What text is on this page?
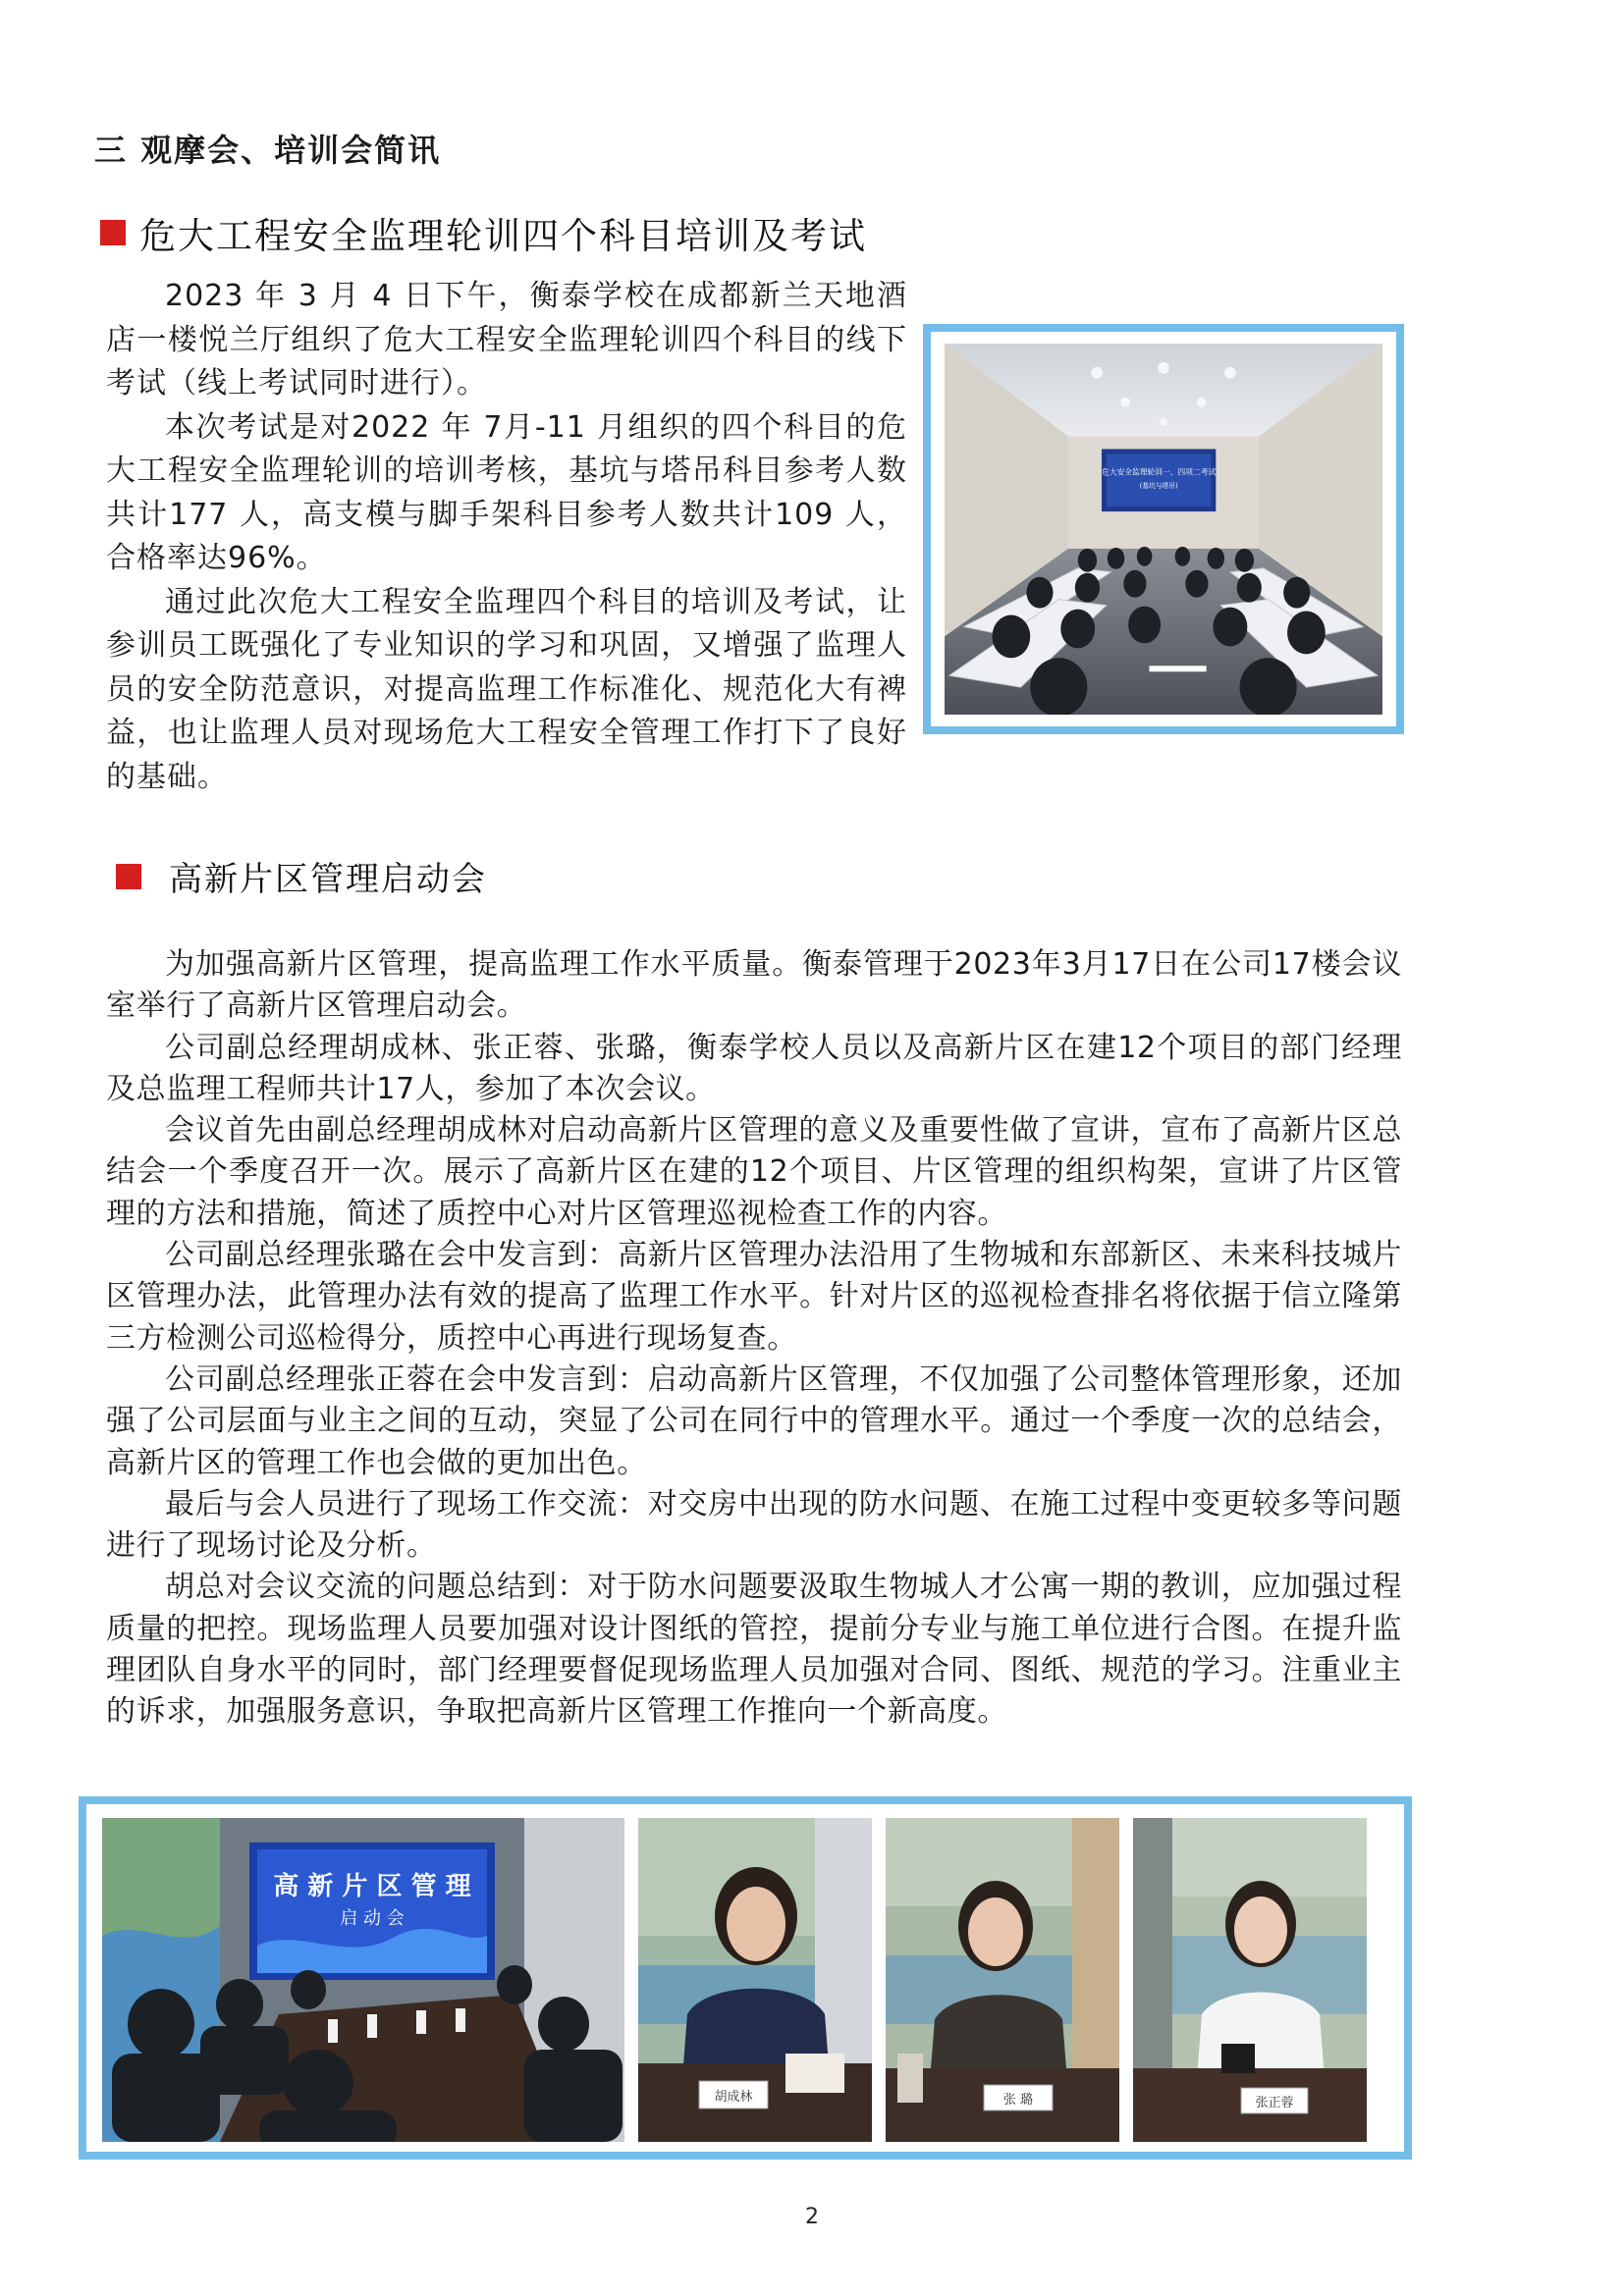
三 观摩会、培训会简讯
危大工程安全监理轮训四个科目培训及考试

2023 年 3 月 4 日下午，衡泰学校在成都新兰天地酒店一楼悦兰厅组织了危大工程安全监理轮训四个科目的线下考试（线上考试同时进行）。

本次考试是对2022 年 7月-11 月组织的四个科目的危大工程安全监理轮训的培训考核，基坑与塔吊科目参考人数共计177 人，高支模与脚手架科目参考人数共计109 人，合格率达96%。

通过此次危大工程安全监理四个科目的培训及考试，让参训员工既强化了专业知识的学习和巩固，又增强了监理人员的安全防范意识，对提高监理工作标准化、规范化大有裨益，也让监理人员对现场危大工程安全管理工作打下了良好的基础。

危大安全监理轮训一、四项二考试
(基坑与塔吊)
高新片区管理启动会

为加强高新片区管理，提高监理工作水平质量。衡泰管理于2023年3月17日在公司17楼会议室举行了高新片区管理启动会。

公司副总经理胡成林、张正蓉、张璐，衡泰学校人员以及高新片区在建12个项目的部门经理及总监理工程师共计17人，参加了本次会议。

会议首先由副总经理胡成林对启动高新片区管理的意义及重要性做了宣讲，宣布了高新片区总结会一个季度召开一次。展示了高新片区在建的12个项目、片区管理的组织构架，宣讲了片区管理的方法和措施，简述了质控中心对片区管理巡视检查工作的内容。

公司副总经理张璐在会中发言到：高新片区管理办法沿用了生物城和东部新区、未来科技城片区管理办法，此管理办法有效的提高了监理工作水平。针对片区的巡视检查排名将依据于信立隆第三方检测公司巡检得分，质控中心再进行现场复查。

公司副总经理张正蓉在会中发言到：启动高新片区管理，不仅加强了公司整体管理形象，还加强了公司层面与业主之间的互动，突显了公司在同行中的管理水平。通过一个季度一次的总结会，高新片区的管理工作也会做的更加出色。

最后与会人员进行了现场工作交流：对交房中出现的防水问题、在施工过程中变更较多等问题进行了现场讨论及分析。

胡总对会议交流的问题总结到：对于防水问题要汲取生物城人才公寓一期的教训，应加强过程质量的把控。现场监理人员要加强对设计图纸的管控，提前分专业与施工单位进行合图。在提升监理团队自身水平的同时，部门经理要督促现场监理人员加强对合同、图纸、规范的学习。注重业主的诉求，加强服务意识，争取把高新片区管理工作推向一个新高度。

高 新 片 区 管 理
启 动 会
胡成林	张 璐	张正蓉
2
